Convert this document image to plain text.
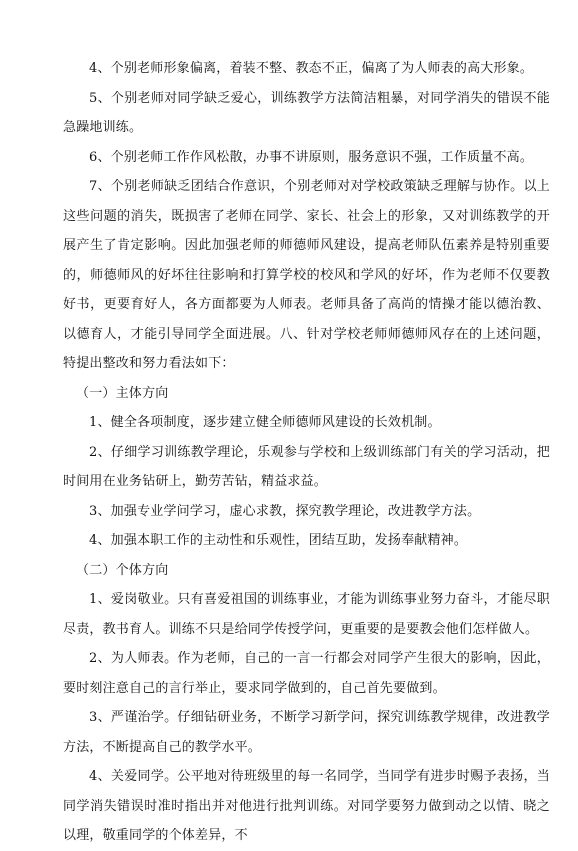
4、个别老师形象偏离，着装不整、教态不正，偏离了为人师表的高大形象。

5、个别老师对同学缺乏爱心，训练教学方法简洁粗暴，对同学消失的错误不能急躁地训练。

6、个别老师工作作风松散，办事不讲原则，服务意识不强，工作质量不高。

7、个别老师缺乏团结合作意识，个别老师对对学校政策缺乏理解与协作。以上这些问题的消失，既损害了老师在同学、家长、社会上的形象，又对训练教学的开展产生了肯定影响。因此加强老师的师德师风建设，提高老师队伍素养是特别重要的，师德师风的好坏往往影响和打算学校的校风和学风的好坏，作为老师不仅要教好书，更要育好人，各方面都要为人师表。老师具备了高尚的情操才能以德治教、以德育人，才能引导同学全面进展。八、针对学校老师师德师风存在的上述问题，特提出整改和努力看法如下：

（一）主体方向

1、健全各项制度，逐步建立健全师德师风建设的长效机制。

2、仔细学习训练教学理论，乐观参与学校和上级训练部门有关的学习活动，把时间用在业务钻研上，勤劳苦钻，精益求益。

3、加强专业学问学习，虚心求教，探究教学理论，改进教学方法。

4、加强本职工作的主动性和乐观性，团结互助，发扬奉献精神。

（二）个体方向

1、爱岗敬业。只有喜爱祖国的训练事业，才能为训练事业努力奋斗，才能尽职尽责，教书育人。训练不只是给同学传授学问，更重要的是要教会他们怎样做人。

2、为人师表。作为老师，自己的一言一行都会对同学产生很大的影响，因此，要时刻注意自己的言行举止，要求同学做到的，自己首先要做到。

3、严谨治学。仔细钻研业务，不断学习新学问，探究训练教学规律，改进教学方法，不断提高自己的教学水平。

4、关爱同学。公平地对待班级里的每一名同学，当同学有进步时赐予表扬，当同学消失错误时准时指出并对他进行批判训练。对同学要努力做到动之以情、晓之以理，敬重同学的个体差异，不
